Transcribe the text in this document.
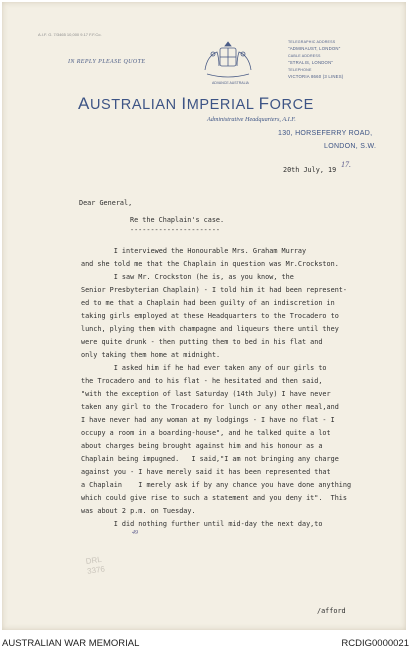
A.I.F. G. 7/3465 10,000 9.17 F.F.Co.
IN REPLY PLEASE QUOTE
ADVANCE AUSTRALIA
TELEGRAPHIC ADDRESS
"ADMINAUST, LONDON"
CABLE ADDRESS
"STRALIS, LONDON"
TELEPHONE
VICTORIA 8660 (3 LINES)
AUSTRALIAN IMPERIAL FORCE
Administrative Headquarters, A.I.F.
130, HORSEFERRY ROAD,
LONDON, S.W.
20th July, 19
17.
Dear General,
Re the Chaplain's case.
----------------------
I interviewed the Honourable Mrs. Graham Murray
and she told me that the Chaplain in question was Mr.Crockston.
I saw Mr. Crockston (he is, as you know, the
Senior Presbyterian Chaplain) - I told him it had been represent-
ed to me that a Chaplain had been guilty of an indiscretion in
taking girls employed at these Headquarters to the Trocadero to
lunch, plying them with champagne and liqueurs there until they
were quite drunk - then putting them to bed in his flat and
only taking them home at midnight.
I asked him if he had ever taken any of our girls to
the Trocadero and to his flat - he hesitated and then said,
"with the exception of last Saturday (14th July) I have never
taken any girl to the Trocadero for lunch or any other meal,and
I have never had any woman at my lodgings - I have no flat - I
occupy a room in a boarding-house", and he talked quite a lot
about charges being brought against him and his honour as a
Chaplain being impugned.   I said,"I am not bringing any charge
against you - I have merely said it has been represented that
a Chaplain    I merely ask if by any chance you have done anything
which could give rise to such a statement and you deny it".  This
was about 2 p.m. on Tuesday.
I did nothing further until mid-day the next day,to
49
DRL
3376
/afford
AUSTRALIAN WAR MEMORIAL	RCDIG0000021
